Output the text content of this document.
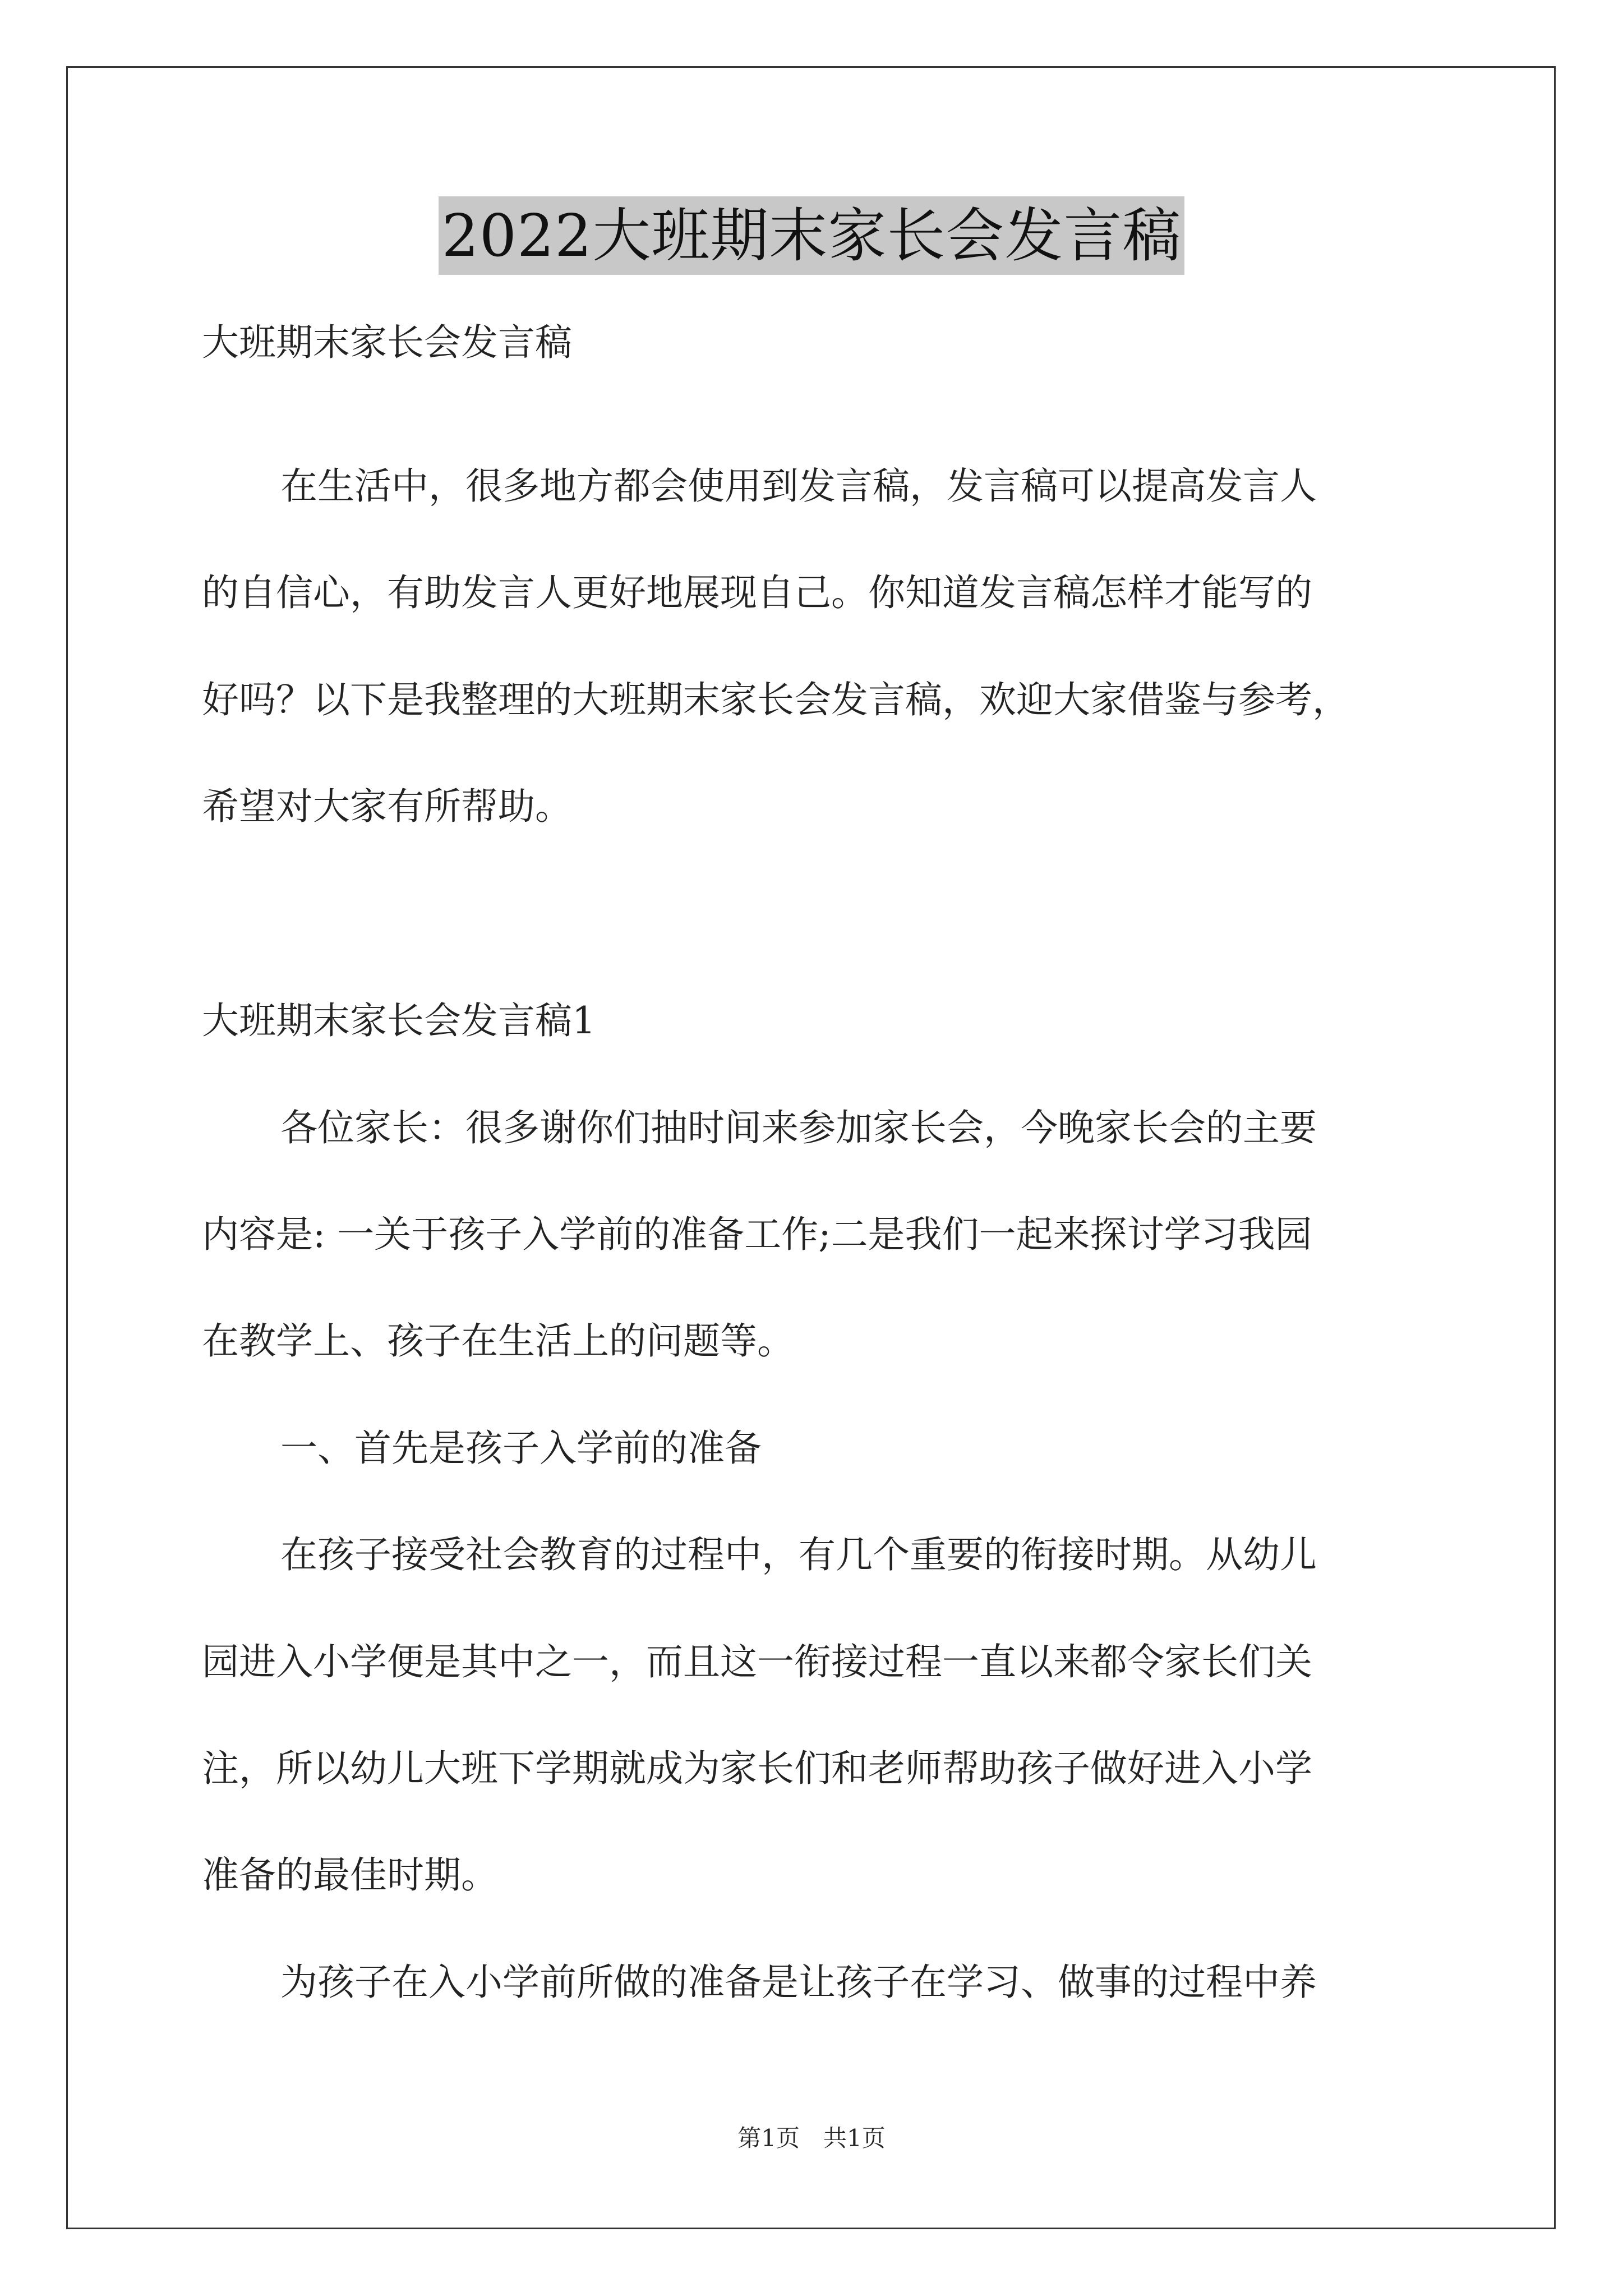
2022大班期末家长会发言稿
大班期末家长会发言稿
在生活中，很多地方都会使用到发言稿，发言稿可以提高发言人
的自信心，有助发言人更好地展现自己。你知道发言稿怎样才能写的
好吗？以下是我整理的大班期末家长会发言稿，欢迎大家借鉴与参考，
希望对大家有所帮助。
大班期末家长会发言稿1
各位家长：很多谢你们抽时间来参加家长会，今晚家长会的主要
内容是: 一关于孩子入学前的准备工作;二是我们一起来探讨学习我园
在教学上、孩子在生活上的问题等。
一、首先是孩子入学前的准备
在孩子接受社会教育的过程中，有几个重要的衔接时期。从幼儿
园进入小学便是其中之一，而且这一衔接过程一直以来都令家长们关
注，所以幼儿大班下学期就成为家长们和老师帮助孩子做好进入小学
准备的最佳时期。
为孩子在入小学前所做的准备是让孩子在学习、做事的过程中养
第1页　共1页
